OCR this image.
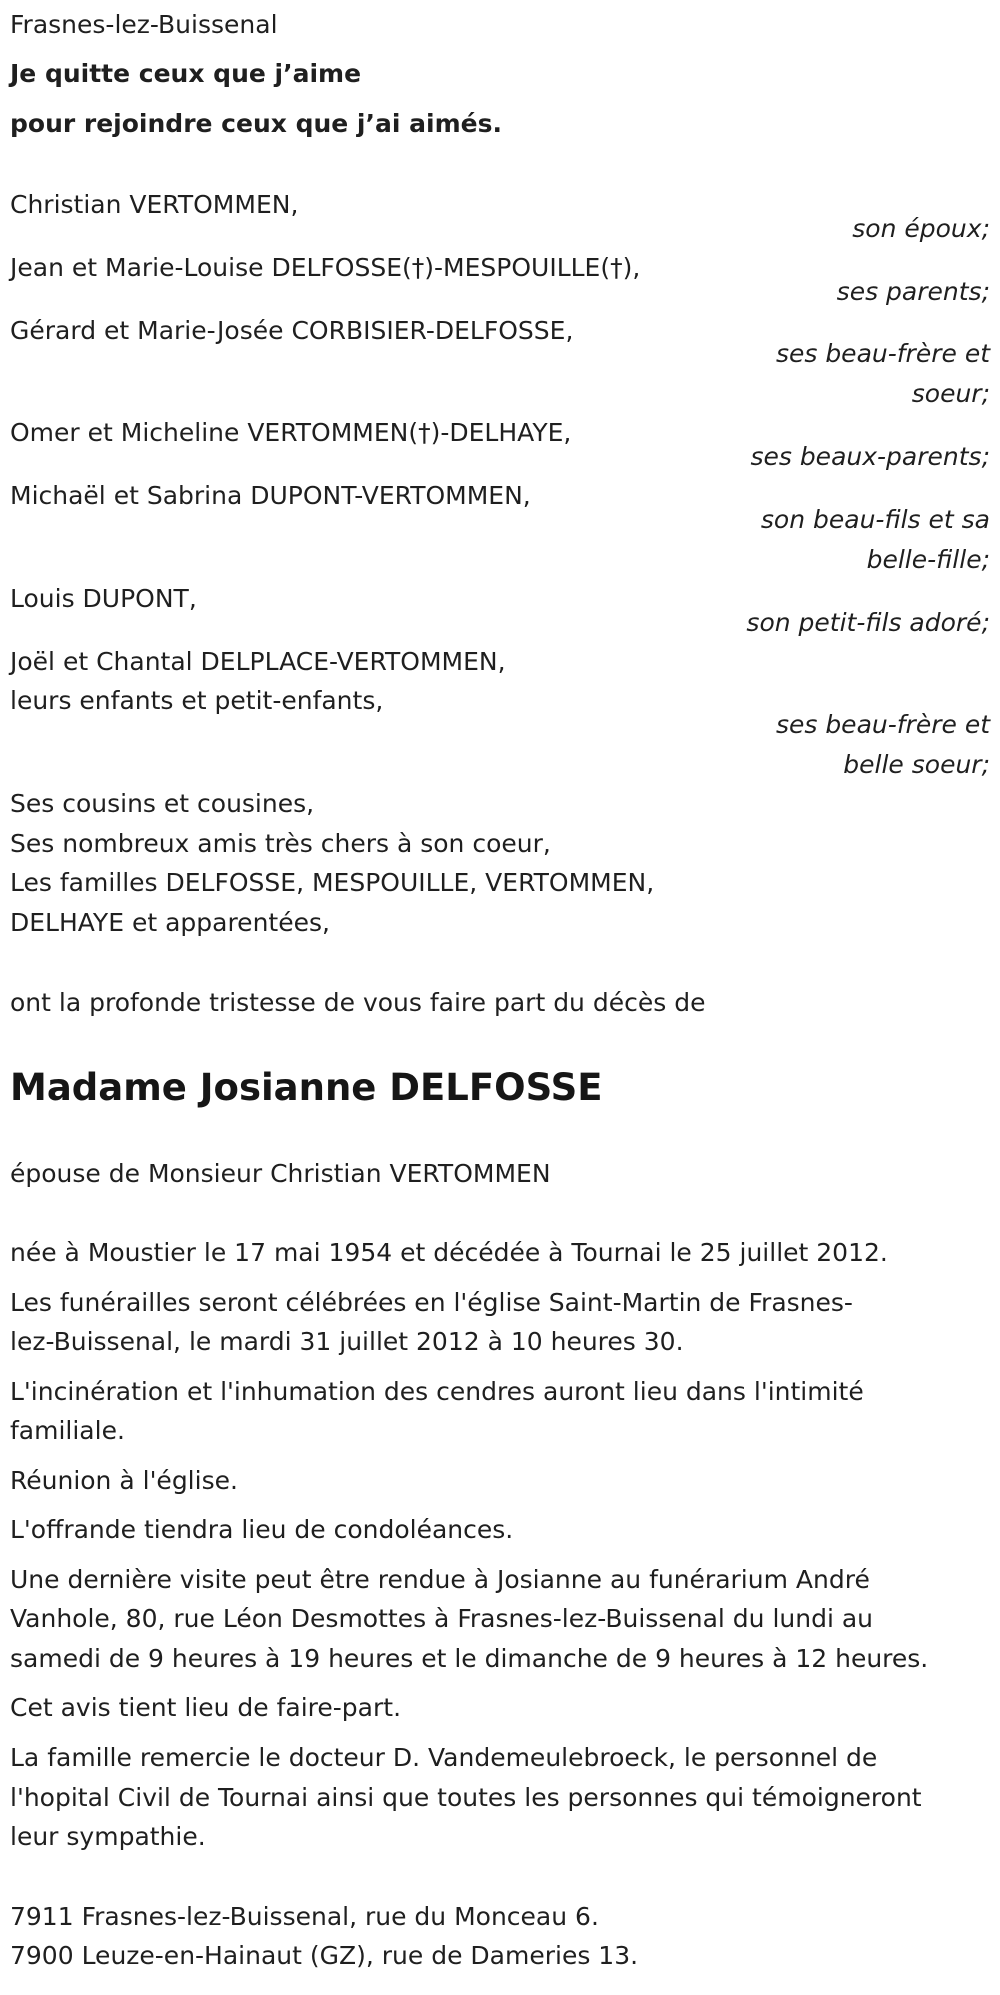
Frasnes-lez-Buissenal
Je quitte ceux que j’aime
pour rejoindre ceux que j’ai aimés.
Christian VERTOMMEN,
son époux;
Jean et Marie-Louise DELFOSSE(†)-MESPOUILLE(†),
ses parents;
Gérard et Marie-Josée CORBISIER-DELFOSSE,
ses beau-frère et
soeur;
Omer et Micheline VERTOMMEN(†)-DELHAYE,
ses beaux-parents;
Michaël et Sabrina DUPONT-VERTOMMEN,
son beau-fils et sa
belle-fille;
Louis DUPONT,
son petit-fils adoré;
Joël et Chantal DELPLACE-VERTOMMEN,
leurs enfants et petit-enfants,
ses beau-frère et
belle soeur;
Ses cousins et cousines,
Ses nombreux amis très chers à son coeur,
Les familles DELFOSSE, MESPOUILLE, VERTOMMEN,
DELHAYE et apparentées,
ont la profonde tristesse de vous faire part du décès de
Madame Josianne DELFOSSE
épouse de Monsieur Christian VERTOMMEN
née à Moustier le 17 mai 1954 et décédée à Tournai le 25 juillet 2012.
Les funérailles seront célébrées en l'église Saint-Martin de Frasnes-
lez-Buissenal, le mardi 31 juillet 2012 à 10 heures 30.
L'incinération et l'inhumation des cendres auront lieu dans l'intimité
familiale.
Réunion à l'église.
L'offrande tiendra lieu de condoléances.
Une dernière visite peut être rendue à Josianne au funérarium André
Vanhole, 80, rue Léon Desmottes à Frasnes-lez-Buissenal du lundi au
samedi de 9 heures à 19 heures et le dimanche de 9 heures à 12 heures.
Cet avis tient lieu de faire-part.
La famille remercie le docteur D. Vandemeulebroeck, le personnel de
l'hopital Civil de Tournai ainsi que toutes les personnes qui témoigneront
leur sympathie.
7911 Frasnes-lez-Buissenal, rue du Monceau 6.
7900 Leuze-en-Hainaut (GZ), rue de Dameries 13.
